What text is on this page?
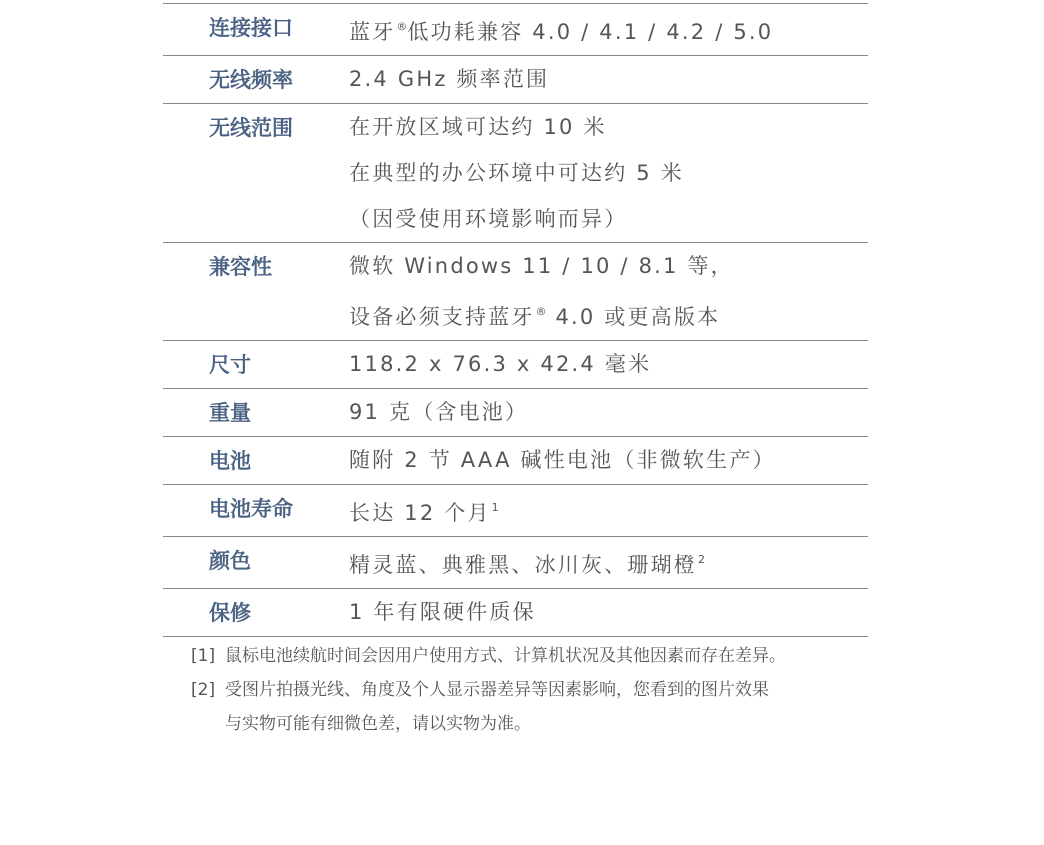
连接接口	蓝牙®低功耗兼容 4.0 / 4.1 / 4.2 / 5.0
无线频率	2.4 GHz 频率范围
无线范围	在开放区域可达约 10 米
在典型的办公环境中可达约 5 米
（因受使用环境影响而异）
兼容性	微软 Windows 11 / 10 / 8.1 等，
设备必须支持蓝牙® 4.0 或更高版本
尺寸	118.2 x 76.3 x 42.4 毫米
重量	91 克（含电池）
电池	随附 2 节 AAA 碱性电池（非微软生产）
电池寿命	长达 12 个月$^1$
颜色	精灵蓝、典雅黑、冰川灰、珊瑚橙$^2$
保修	1 年有限硬件质保
[1] 鼠标电池续航时间会因用户使用方式、计算机状况及其他因素而存在差异。
[2] 受图片拍摄光线、角度及个人显示器差异等因素影响，您看到的图片效果
与实物可能有细微色差，请以实物为准。
